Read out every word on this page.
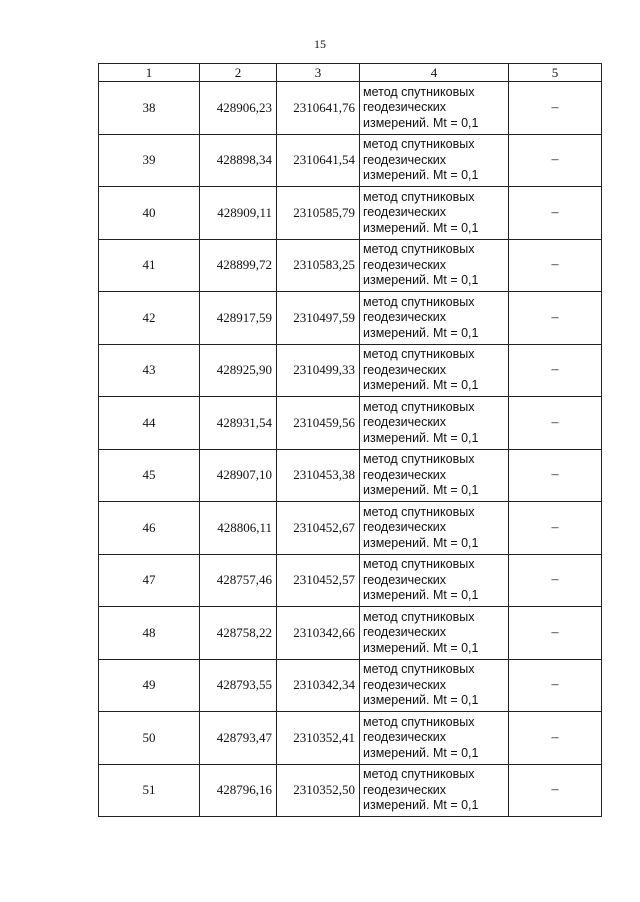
15
1	2	3	4	5
38	428906,23	2310641,76	метод спутниковых
геодезических
измерений. Mt = 0,1	–
39	428898,34	2310641,54	метод спутниковых
геодезических
измерений. Mt = 0,1	–
40	428909,11	2310585,79	метод спутниковых
геодезических
измерений. Mt = 0,1	–
41	428899,72	2310583,25	метод спутниковых
геодезических
измерений. Mt = 0,1	–
42	428917,59	2310497,59	метод спутниковых
геодезических
измерений. Mt = 0,1	–
43	428925,90	2310499,33	метод спутниковых
геодезических
измерений. Mt = 0,1	–
44	428931,54	2310459,56	метод спутниковых
геодезических
измерений. Mt = 0,1	–
45	428907,10	2310453,38	метод спутниковых
геодезических
измерений. Mt = 0,1	–
46	428806,11	2310452,67	метод спутниковых
геодезических
измерений. Mt = 0,1	–
47	428757,46	2310452,57	метод спутниковых
геодезических
измерений. Mt = 0,1	–
48	428758,22	2310342,66	метод спутниковых
геодезических
измерений. Mt = 0,1	–
49	428793,55	2310342,34	метод спутниковых
геодезических
измерений. Mt = 0,1	–
50	428793,47	2310352,41	метод спутниковых
геодезических
измерений. Mt = 0,1	–
51	428796,16	2310352,50	метод спутниковых
геодезических
измерений. Mt = 0,1	–
